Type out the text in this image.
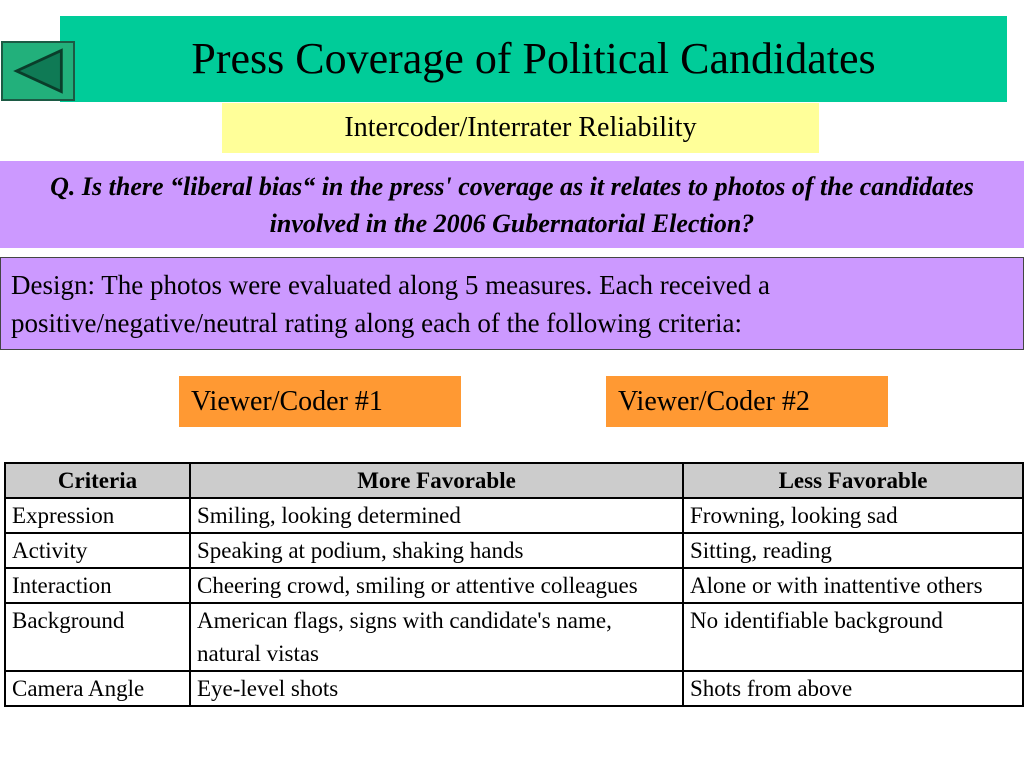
Press Coverage of Political Candidates
Intercoder/Interrater Reliability
Q. Is there “liberal bias“ in the press' coverage as it relates to photos of the candidates involved in the 2006 Gubernatorial Election?
Design: The photos were evaluated along 5 measures. Each received a positive/negative/neutral rating along each of the following criteria:
Viewer/Coder #1	Viewer/Coder #2
Criteria	More Favorable	Less Favorable
Expression	Smiling, looking determined	Frowning, looking sad
Activity	Speaking at podium, shaking hands	Sitting, reading
Interaction	Cheering crowd, smiling or attentive colleagues	Alone or with inattentive others
Background	American flags, signs with candidate's name, natural vistas	No identifiable background
Camera Angle	Eye-level shots	Shots from above
